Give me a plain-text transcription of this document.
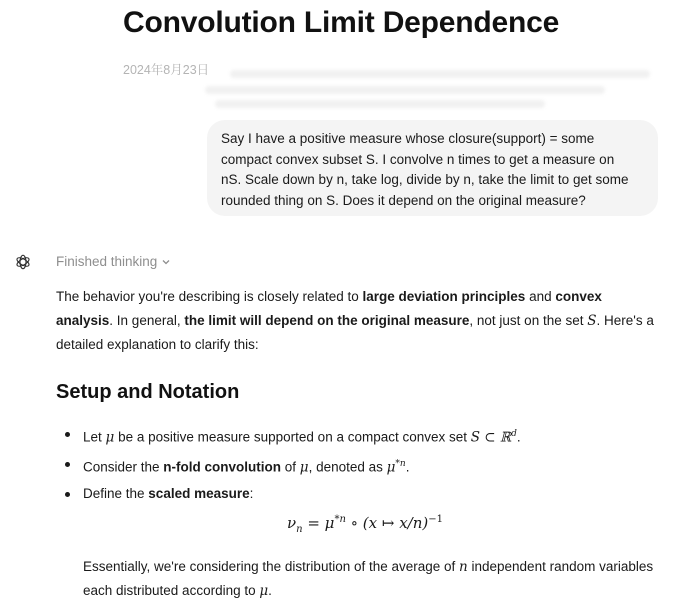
Convolution Limit Dependence
2024年8月23日

Say I have a positive measure whose closure(support) = some
compact convex subset S. I convolve n times to get a measure on
nS. Scale down by n, take log, divide by n, take the limit to get some
rounded thing on S. Does it depend on the original measure?

Finished thinking

The behavior you're describing is closely related to large deviation principles and convex analysis. In general, the limit will depend on the original measure, not just on the set S. Here's a detailed explanation to clarify this:

Setup and Notation
Let μ be a positive measure supported on a compact convex set S ⊂ ℝ$^d$.
Consider the n-fold convolution of μ, denoted as $\mu^{*n}$.
Define the scaled measure:
$\nu_n = \mu^{*n}$ ∘ (x ↦ x/n)$^{-1}$

Essentially, we're considering the distribution of the average of n independent random variables each distributed according to μ.
